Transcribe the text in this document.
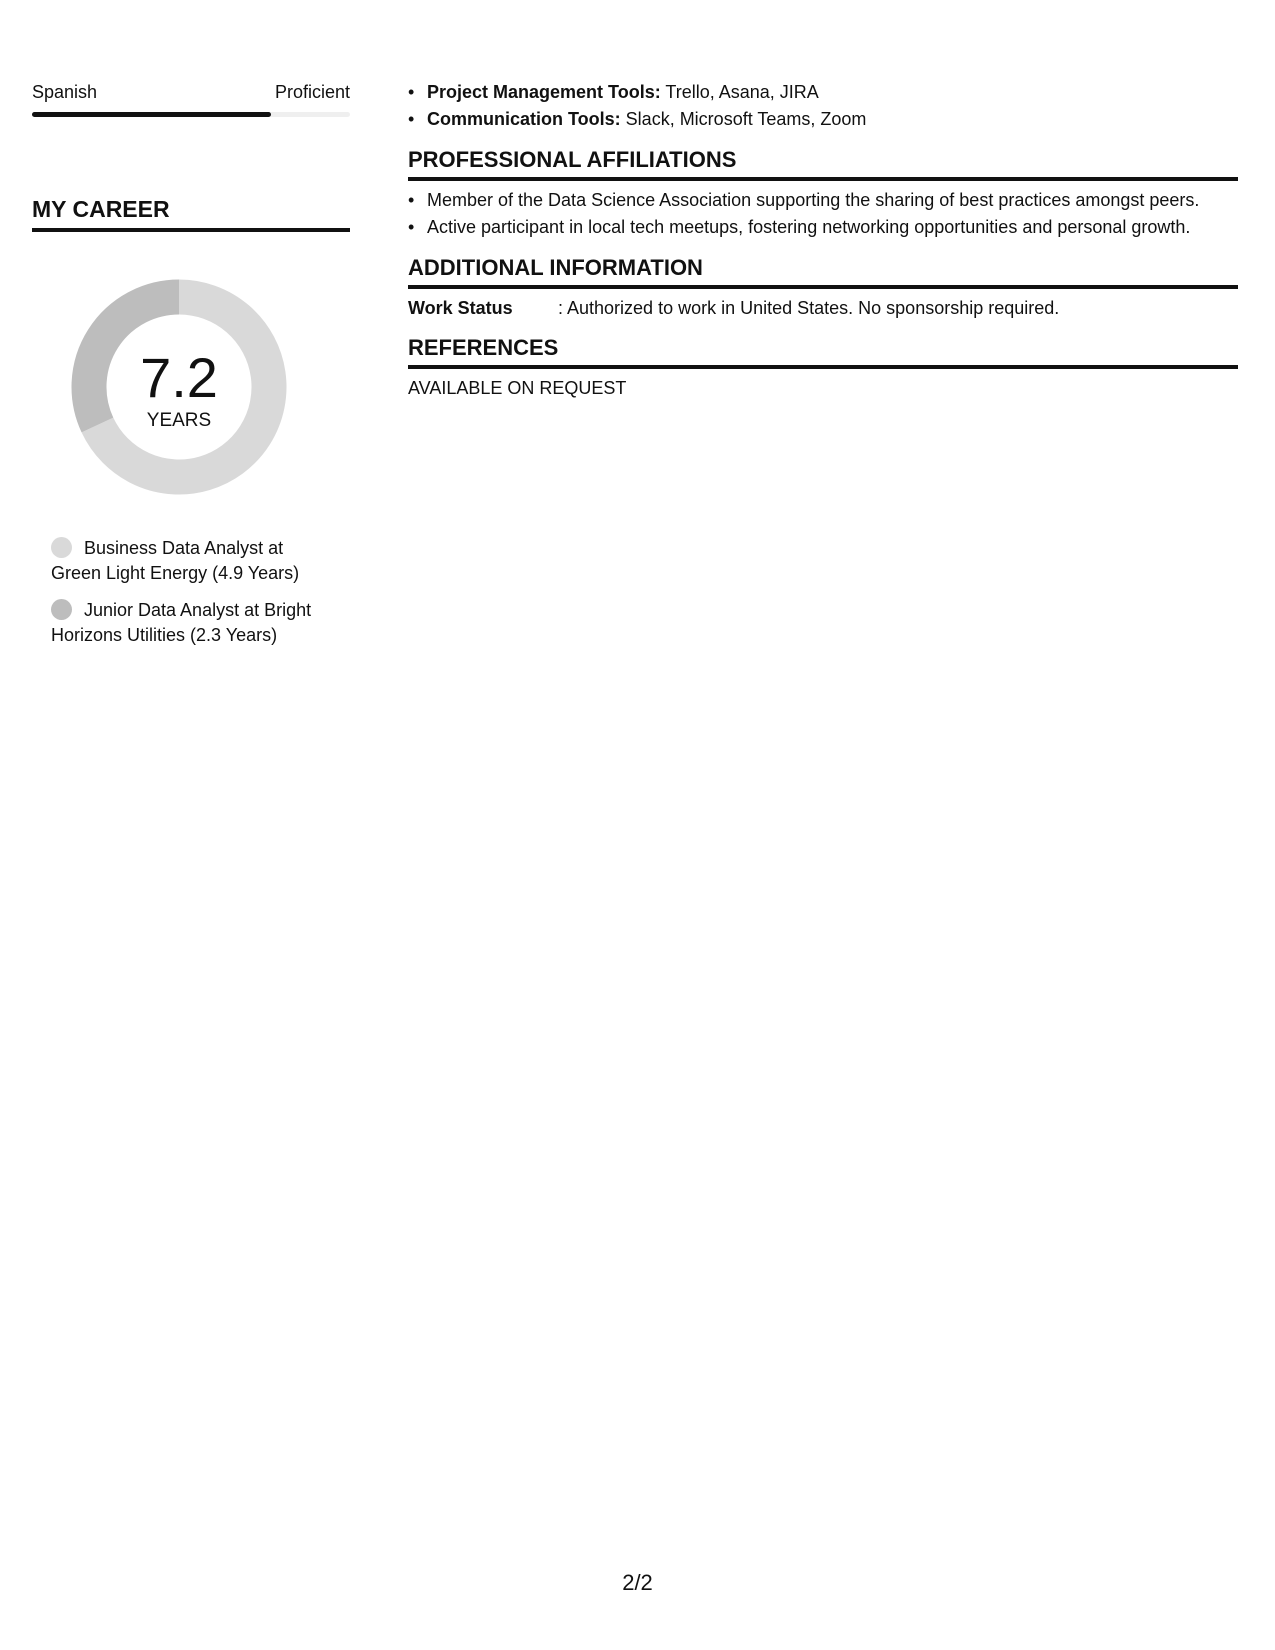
Spanish	Proficient
MY CAREER
7.2
YEARS
Business Data Analyst at Green Light Energy (4.9 Years)
Junior Data Analyst at Bright Horizons Utilities (2.3 Years)
• Project Management Tools: Trello, Asana, JIRA
• Communication Tools: Slack, Microsoft Teams, Zoom
PROFESSIONAL AFFILIATIONS
• Member of the Data Science Association supporting the sharing of best practices amongst peers.
• Active participant in local tech meetups, fostering networking opportunities and personal growth.
ADDITIONAL INFORMATION
Work Status	: Authorized to work in United States. No sponsorship required.
REFERENCES
AVAILABLE ON REQUEST
2/2
